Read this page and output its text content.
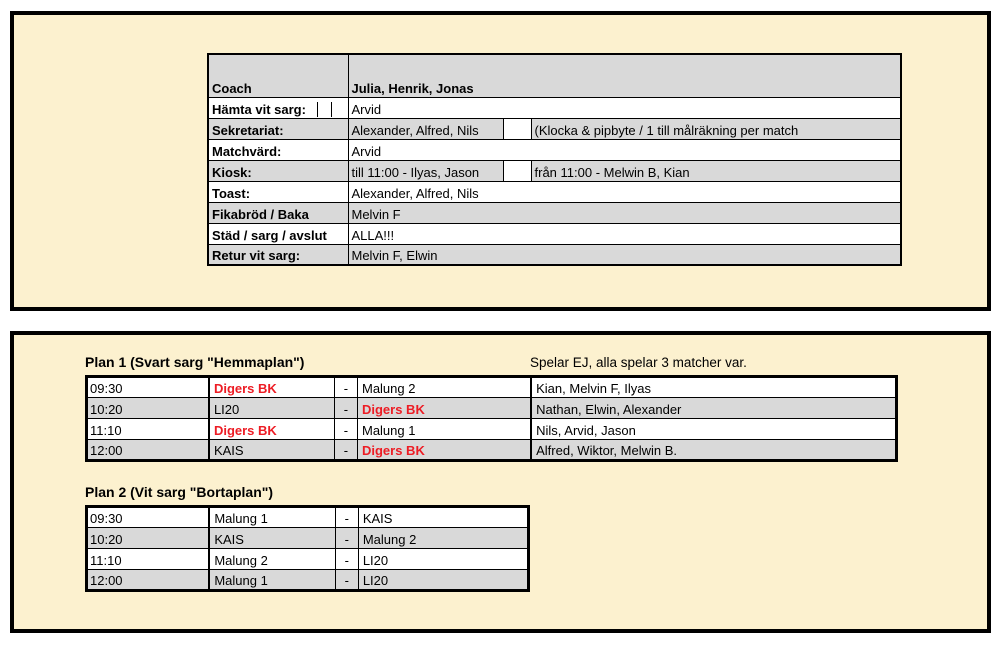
Coach	Julia, Henrik, Jonas		

Hämta vit sarg:	Arvid		
Sekretariat:	Alexander, Alfred, Nils		(Klocka & pipbyte / 1 till målräkning per match
Matchvärd:	Arvid		
Kiosk:	till 11:00 - Ilyas, Jason		från 11:00 - Melwin B, Kian
Toast:	Alexander, Alfred, Nils		
Fikabröd / Baka	Melvin F		
Städ / sarg / avslut	ALLA!!!		
Retur vit sarg:	Melvin F, Elwin		
Plan 1 (Svart sarg "Hemmaplan")	Spelar EJ, alla spelar 3 matcher var.
09:30	Digers BK	-	Malung 2	Kian, Melvin F, Ilyas
10:20	LI20	-	Digers BK	Nathan, Elwin, Alexander
11:10	Digers BK	-	Malung 1	Nils, Arvid, Jason
12:00	KAIS	-	Digers BK	Alfred, Wiktor, Melwin B.
Plan 2 (Vit sarg "Bortaplan")
09:30	Malung 1	-	KAIS
10:20	KAIS	-	Malung 2
11:10	Malung 2	-	LI20
12:00	Malung 1	-	LI20
